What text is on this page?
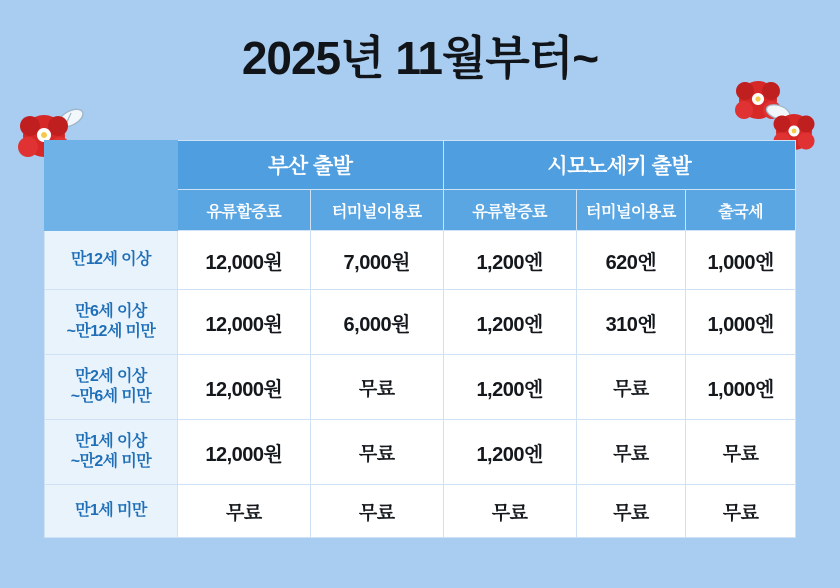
2025년 11월부터~
	부산 출발		시모노세키 출발		
	유류할증료	터미널이용료	유류할증료	터미널이용료	출국세
만12세 이상	12,000원	7,000원	1,200엔	620엔	1,000엔

만6세 이상
~만12세 미만	12,000원	6,000원	1,200엔	310엔	1,000엔

만2세 이상
~만6세 미만	12,000원	무료	1,200엔	무료	1,000엔

만1세 이상
~만2세 미만	12,000원	무료	1,200엔	무료	무료
만1세 미만	무료	무료	무료	무료	무료
